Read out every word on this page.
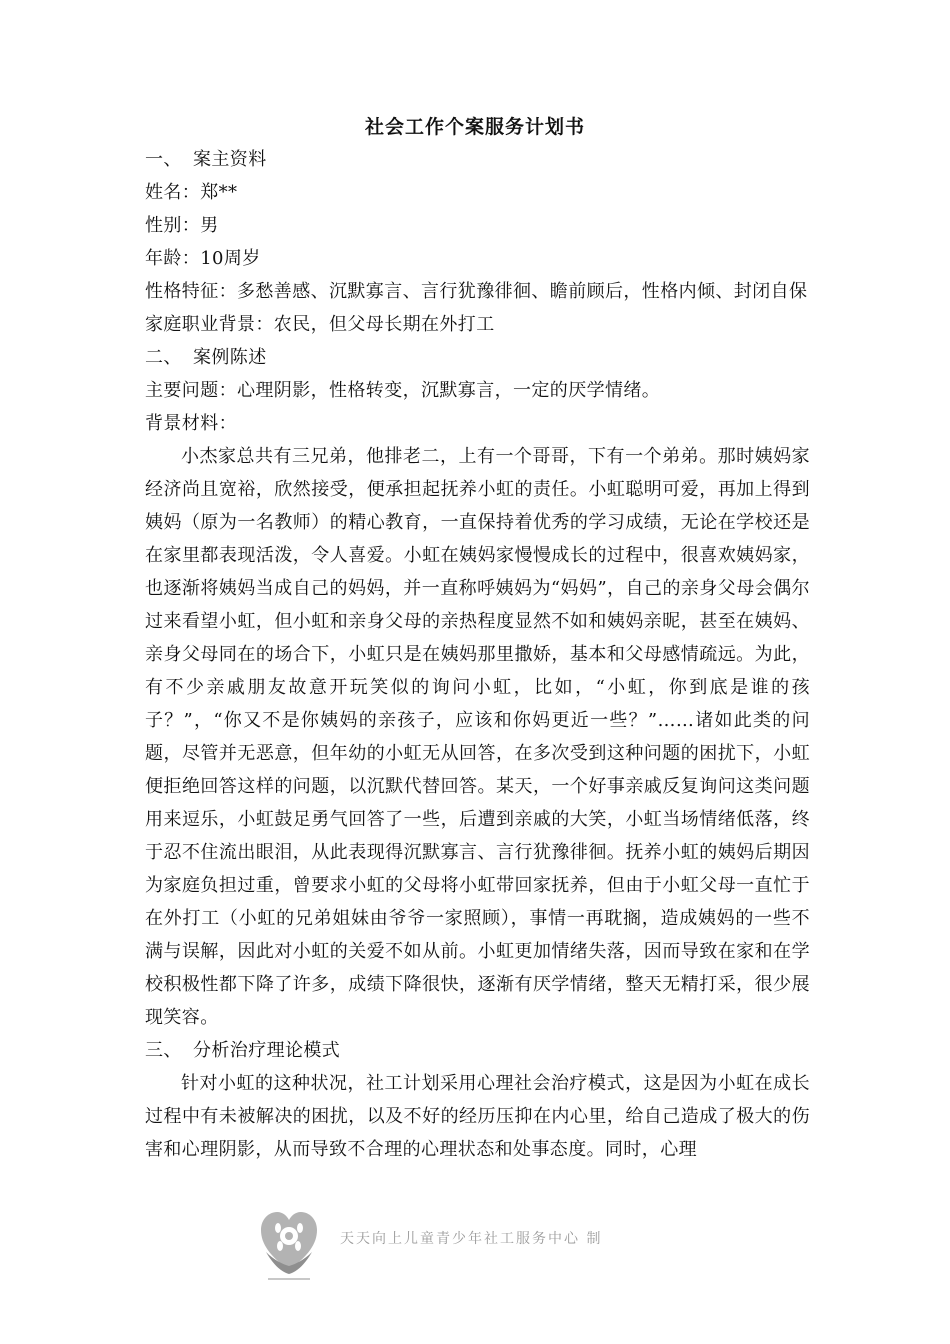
社会工作个案服务计划书
一、 案主资料
姓名：郑**
性别：男
年龄：10周岁
性格特征：多愁善感、沉默寡言、言行犹豫徘徊、瞻前顾后，性格内倾、封闭自保
家庭职业背景：农民，但父母长期在外打工
二、 案例陈述
主要问题：心理阴影，性格转变，沉默寡言，一定的厌学情绪。
背景材料：
小杰家总共有三兄弟，他排老二，上有一个哥哥，下有一个弟弟。那时姨妈家经济尚且宽裕，欣然接受，便承担起抚养小虹的责任。小虹聪明可爱，再加上得到姨妈（原为一名教师）的精心教育，一直保持着优秀的学习成绩，无论在学校还是在家里都表现活泼，令人喜爱。小虹在姨妈家慢慢成长的过程中，很喜欢姨妈家，也逐渐将姨妈当成自己的妈妈，并一直称呼姨妈为“妈妈”，自己的亲身父母会偶尔过来看望小虹，但小虹和亲身父母的亲热程度显然不如和姨妈亲昵，甚至在姨妈、亲身父母同在的场合下，小虹只是在姨妈那里撒娇，基本和父母感情疏远。为此，有不少亲戚朋友故意开玩笑似的询问小虹，比如，“小虹，你到底是谁的孩子？”，“你又不是你姨妈的亲孩子，应该和你妈更近一些？”……诸如此类的问题，尽管并无恶意，但年幼的小虹无从回答，在多次受到这种问题的困扰下，小虹便拒绝回答这样的问题，以沉默代替回答。某天，一个好事亲戚反复询问这类问题用来逗乐，小虹鼓足勇气回答了一些，后遭到亲戚的大笑，小虹当场情绪低落，终于忍不住流出眼泪，从此表现得沉默寡言、言行犹豫徘徊。抚养小虹的姨妈后期因为家庭负担过重，曾要求小虹的父母将小虹带回家抚养，但由于小虹父母一直忙于在外打工（小虹的兄弟姐妹由爷爷一家照顾），事情一再耽搁，造成姨妈的一些不满与误解，因此对小虹的关爱不如从前。小虹更加情绪失落，因而导致在家和在学校积极性都下降了许多，成绩下降很快，逐渐有厌学情绪，整天无精打采，很少展现笑容。
三、 分析治疗理论模式
针对小虹的这种状况，社工计划采用心理社会治疗模式，这是因为小虹在成长过程中有未被解决的困扰，以及不好的经历压抑在内心里，给自己造成了极大的伤害和心理阴影，从而导致不合理的心理状态和处事态度。同时，心理
天天向上儿童青少年社工服务中心 制
